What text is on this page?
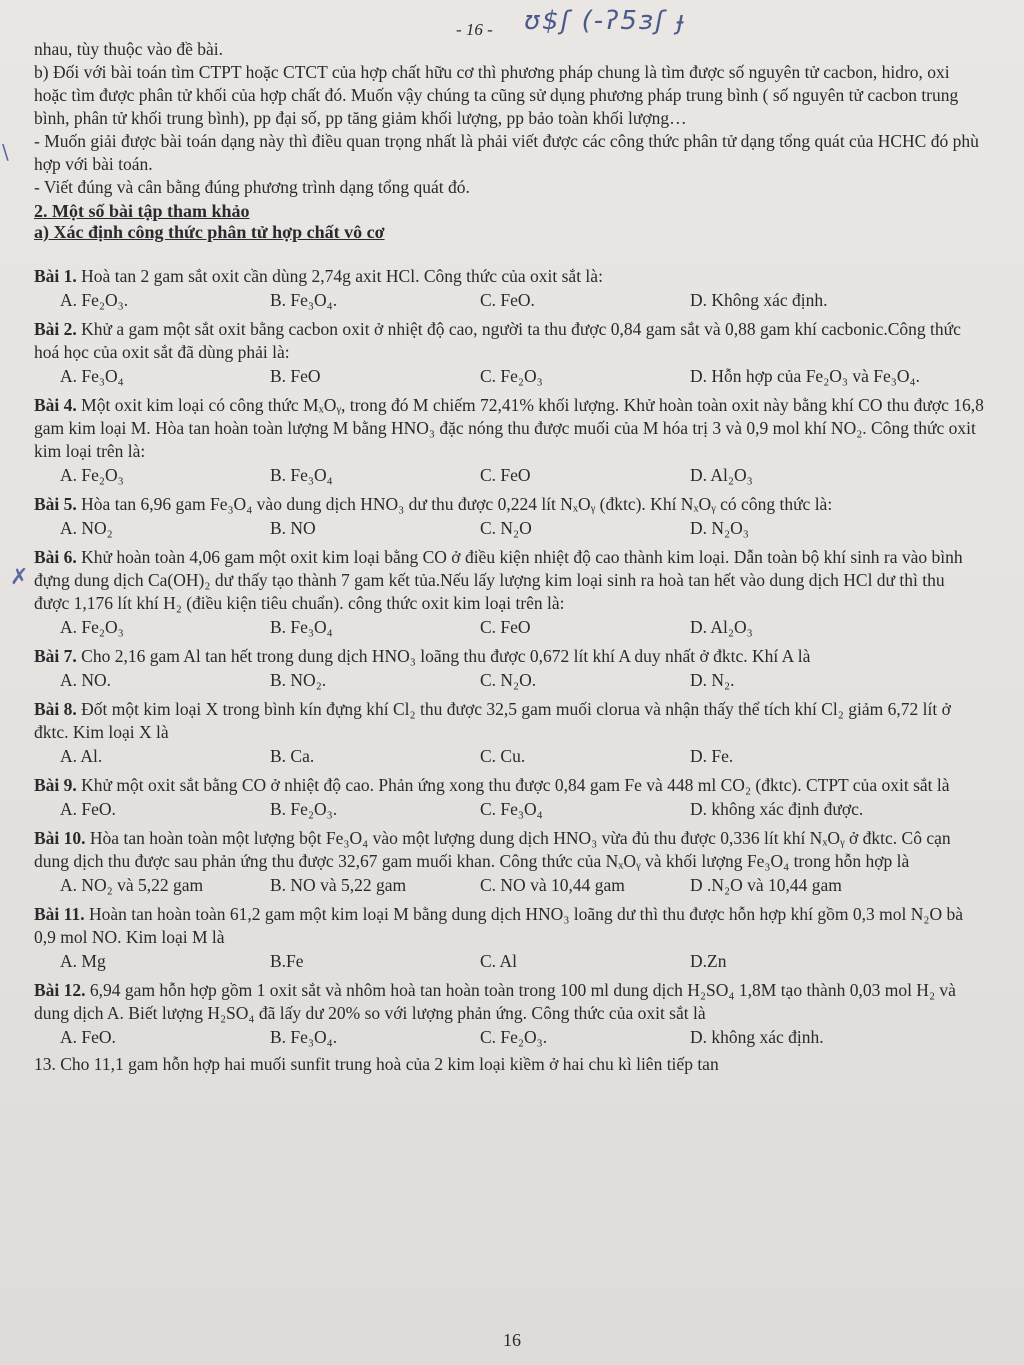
- 16 - ʊ$ʃ (-ʔ5ɜʃ ɟ

nhau, tùy thuộc vào đề bài.

b) Đối với bài toán tìm CTPT hoặc CTCT của hợp chất hữu cơ thì phương pháp chung là tìm được số nguyên tử cacbon, hidro, oxi hoặc tìm được phân tử khối của hợp chất đó. Muốn vậy chúng ta cũng sử dụng phương pháp trung bình ( số nguyên tử cacbon trung bình, phân tử khối trung bình), pp đại số, pp tăng giảm khối lượng, pp bảo toàn khối lượng…

- Muốn giải được bài toán dạng này thì điều quan trọng nhất là phải viết được các công thức phân tử dạng tổng quát của HCHC đó phù hợp với bài toán.

- Viết đúng và cân bằng đúng phương trình dạng tổng quát đó.

2. Một số bài tập tham khảo
a) Xác định công thức phân tử hợp chất vô cơ

Bài 1. Hoà tan 2 gam sắt oxit cần dùng 2,74g axit HCl. Công thức của oxit sắt là:

A. Fe₂O₃.	B. Fe₃O₄.	C. FeO.	D. Không xác định.

Bài 2. Khử a gam một sắt oxit bằng cacbon oxit ở nhiệt độ cao, người ta thu được 0,84 gam sắt và 0,88 gam khí cacbonic.Công thức hoá học của oxit sắt đã dùng phải là:

A. Fe₃O₄	B. FeO	C. Fe₂O₃	D. Hỗn hợp của Fe₂O₃ và Fe₃O₄.

Bài 4. Một oxit kim loại có công thức MₓOᵧ, trong đó M chiếm 72,41% khối lượng. Khử hoàn toàn oxit này bằng khí CO thu được 16,8 gam kim loại M. Hòa tan hoàn toàn lượng M bằng HNO₃ đặc nóng thu được muối của M hóa trị 3 và 0,9 mol khí NO₂. Công thức oxit kim loại trên là:

A. Fe₂O₃	B. Fe₃O₄	C. FeO	D. Al₂O₃

Bài 5. Hòa tan 6,96 gam Fe₃O₄ vào dung dịch HNO₃ dư thu được 0,224 lít NₓOᵧ (đktc). Khí NₓOᵧ có công thức là:

A. NO₂	B. NO	C. N₂O	D. N₂O₃

Bài 6. Khử hoàn toàn 4,06 gam một oxit kim loại bằng CO ở điều kiện nhiệt độ cao thành kim loại. Dẫn toàn bộ khí sinh ra vào bình đựng dung dịch Ca(OH)₂ dư thấy tạo thành 7 gam kết tủa.Nếu lấy lượng kim loại sinh ra hoà tan hết vào dung dịch HCl dư thì thu được 1,176 lít khí H₂ (điều kiện tiêu chuẩn). công thức oxit kim loại trên là:

A. Fe₂O₃	B. Fe₃O₄	C. FeO	D. Al₂O₃

Bài 7. Cho 2,16 gam Al tan hết trong dung dịch HNO₃ loãng thu được 0,672 lít khí A duy nhất ở đktc. Khí A là

A. NO.	B. NO₂.	C. N₂O.	D. N₂.

Bài 8. Đốt một kim loại X trong bình kín đựng khí Cl₂ thu được 32,5 gam muối clorua và nhận thấy thể tích khí Cl₂ giảm 6,72 lít ở đktc. Kim loại X là

A. Al.	B. Ca.	C. Cu.	D. Fe.

Bài 9. Khử một oxit sắt bằng CO ở nhiệt độ cao. Phản ứng xong thu được 0,84 gam Fe và 448 ml CO₂ (đktc). CTPT của oxit sắt là

A. FeO.	B. Fe₂O₃.	C. Fe₃O₄	D. không xác định được.

Bài 10. Hòa tan hoàn toàn một lượng bột Fe₃O₄ vào một lượng dung dịch HNO₃ vừa đủ thu được 0,336 lít khí NₓOᵧ ở đktc. Cô cạn dung dịch thu được sau phản ứng thu được 32,67 gam muối khan. Công thức của NₓOᵧ và khối lượng Fe₃O₄ trong hỗn hợp là

A. NO₂ và 5,22 gam	B. NO và 5,22 gam	C. NO và 10,44 gam	D .N₂O và 10,44 gam

Bài 11. Hoàn tan hoàn toàn 61,2 gam một kim loại M bằng dung dịch HNO₃ loãng dư thì thu được hỗn hợp khí gồm 0,3 mol N₂O bà 0,9 mol NO. Kim loại M là

A. Mg	B.Fe	C. Al	D.Zn

Bài 12. 6,94 gam hỗn hợp gồm 1 oxit sắt và nhôm hoà tan hoàn toàn trong 100 ml dung dịch H₂SO₄ 1,8M tạo thành 0,03 mol H₂ và dung dịch A. Biết lượng H₂SO₄ đã lấy dư 20% so với lượng phản ứng. Công thức của oxit sắt là

A. FeO.	B. Fe₃O₄.	C. Fe₂O₃.	D. không xác định.

13. Cho 11,1 gam hỗn hợp hai muối sunfit trung hoà của 2 kim loại kiềm ở hai chu kì liên tiếp tan

16
✗
\
